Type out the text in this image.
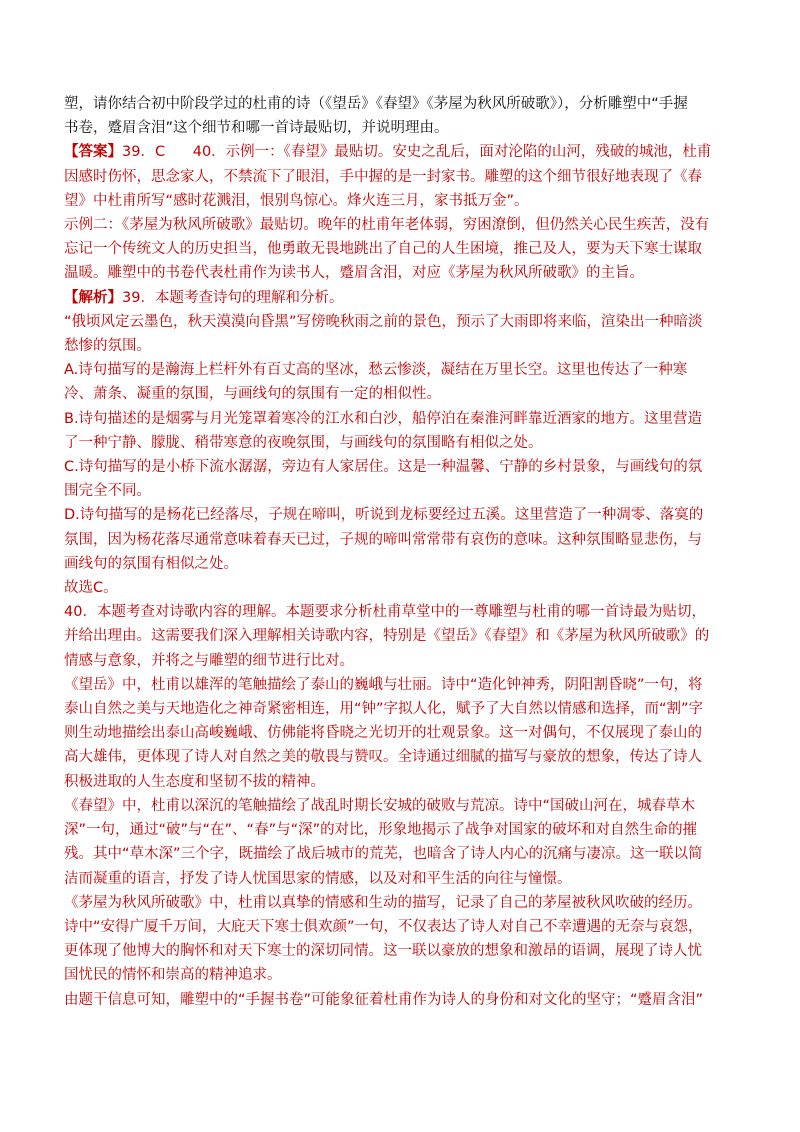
塑，请你结合初中阶段学过的杜甫的诗（《望岳》《春望》《茅屋为秋风所破歌》），分析雕塑中“手握
书卷，蹙眉含泪”这个细节和哪一首诗最贴切，并说明理由。

【答案】39．C 40．示例一：《春望》最贴切。安史之乱后，面对沦陷的山河，残破的城池，杜甫因感时伤怀，思念家人，不禁流下了眼泪，手中握的是一封家书。雕塑的这个细节很好地表现了《春望》中杜甫所写“感时花溅泪，恨别鸟惊心。烽火连三月，家书抵万金”。

示例二：《茅屋为秋风所破歌》最贴切。晚年的杜甫年老体弱，穷困潦倒，但仍然关心民生疾苦，没有忘记一个传统文人的历史担当，他勇敢无畏地跳出了自己的人生困境，推己及人，要为天下寒士谋取温暖。雕塑中的书卷代表杜甫作为读书人，蹙眉含泪，对应《茅屋为秋风所破歌》的主旨。

【解析】39．本题考查诗句的理解和分析。

“俄顷风定云墨色，秋天漠漠向昏黑”写傍晚秋雨之前的景色，预示了大雨即将来临，渲染出一种暗淡愁惨的氛围。

A.诗句描写的是瀚海上栏杆外有百丈高的坚冰，愁云惨淡，凝结在万里长空。这里也传达了一种寒冷、萧条、凝重的氛围，与画线句的氛围有一定的相似性。

B.诗句描述的是烟雾与月光笼罩着寒冷的江水和白沙，船停泊在秦淮河畔靠近酒家的地方。这里营造了一种宁静、朦胧、稍带寒意的夜晚氛围，与画线句的氛围略有相似之处。

C.诗句描写的是小桥下流水潺潺，旁边有人家居住。这是一种温馨、宁静的乡村景象，与画线句的氛围完全不同。

D.诗句描写的是杨花已经落尽，子规在啼叫，听说到龙标要经过五溪。这里营造了一种凋零、落寞的氛围，因为杨花落尽通常意味着春天已过，子规的啼叫常常带有哀伤的意味。这种氛围略显悲伤，与画线句的氛围有相似之处。

故选C。

40．本题考查对诗歌内容的理解。本题要求分析杜甫草堂中的一尊雕塑与杜甫的哪一首诗最为贴切，并给出理由。这需要我们深入理解相关诗歌内容，特别是《望岳》《春望》和《茅屋为秋风所破歌》的情感与意象，并将之与雕塑的细节进行比对。

《望岳》中，杜甫以雄浑的笔触描绘了泰山的巍峨与壮丽。诗中“造化钟神秀，阴阳割昏晓”一句，将泰山自然之美与天地造化之神奇紧密相连，用“钟”字拟人化，赋予了大自然以情感和选择，而“割”字则生动地描绘出泰山高峻巍峨、仿佛能将昏晓之光切开的壮观景象。这一对偶句，不仅展现了泰山的高大雄伟，更体现了诗人对自然之美的敬畏与赞叹。全诗通过细腻的描写与豪放的想象，传达了诗人积极进取的人生态度和坚韧不拔的精神。

《春望》中，杜甫以深沉的笔触描绘了战乱时期长安城的破败与荒凉。诗中“国破山河在，城春草木深”一句，通过“破”与“在”、“春”与“深”的对比，形象地揭示了战争对国家的破坏和对自然生命的摧残。其中“草木深”三个字，既描绘了战后城市的荒芜，也暗含了诗人内心的沉痛与凄凉。这一联以简洁而凝重的语言，抒发了诗人忧国思家的情感，以及对和平生活的向往与憧憬。

《茅屋为秋风所破歌》中，杜甫以真挚的情感和生动的描写，记录了自己的茅屋被秋风吹破的经历。诗中“安得广厦千万间，大庇天下寒士俱欢颜”一句，不仅表达了诗人对自己不幸遭遇的无奈与哀怨，更体现了他博大的胸怀和对天下寒士的深切同情。这一联以豪放的想象和激昂的语调，展现了诗人忧国忧民的情怀和崇高的精神追求。

由题干信息可知，雕塑中的“手握书卷”可能象征着杜甫作为诗人的身份和对文化的坚守；“蹙眉含泪”
